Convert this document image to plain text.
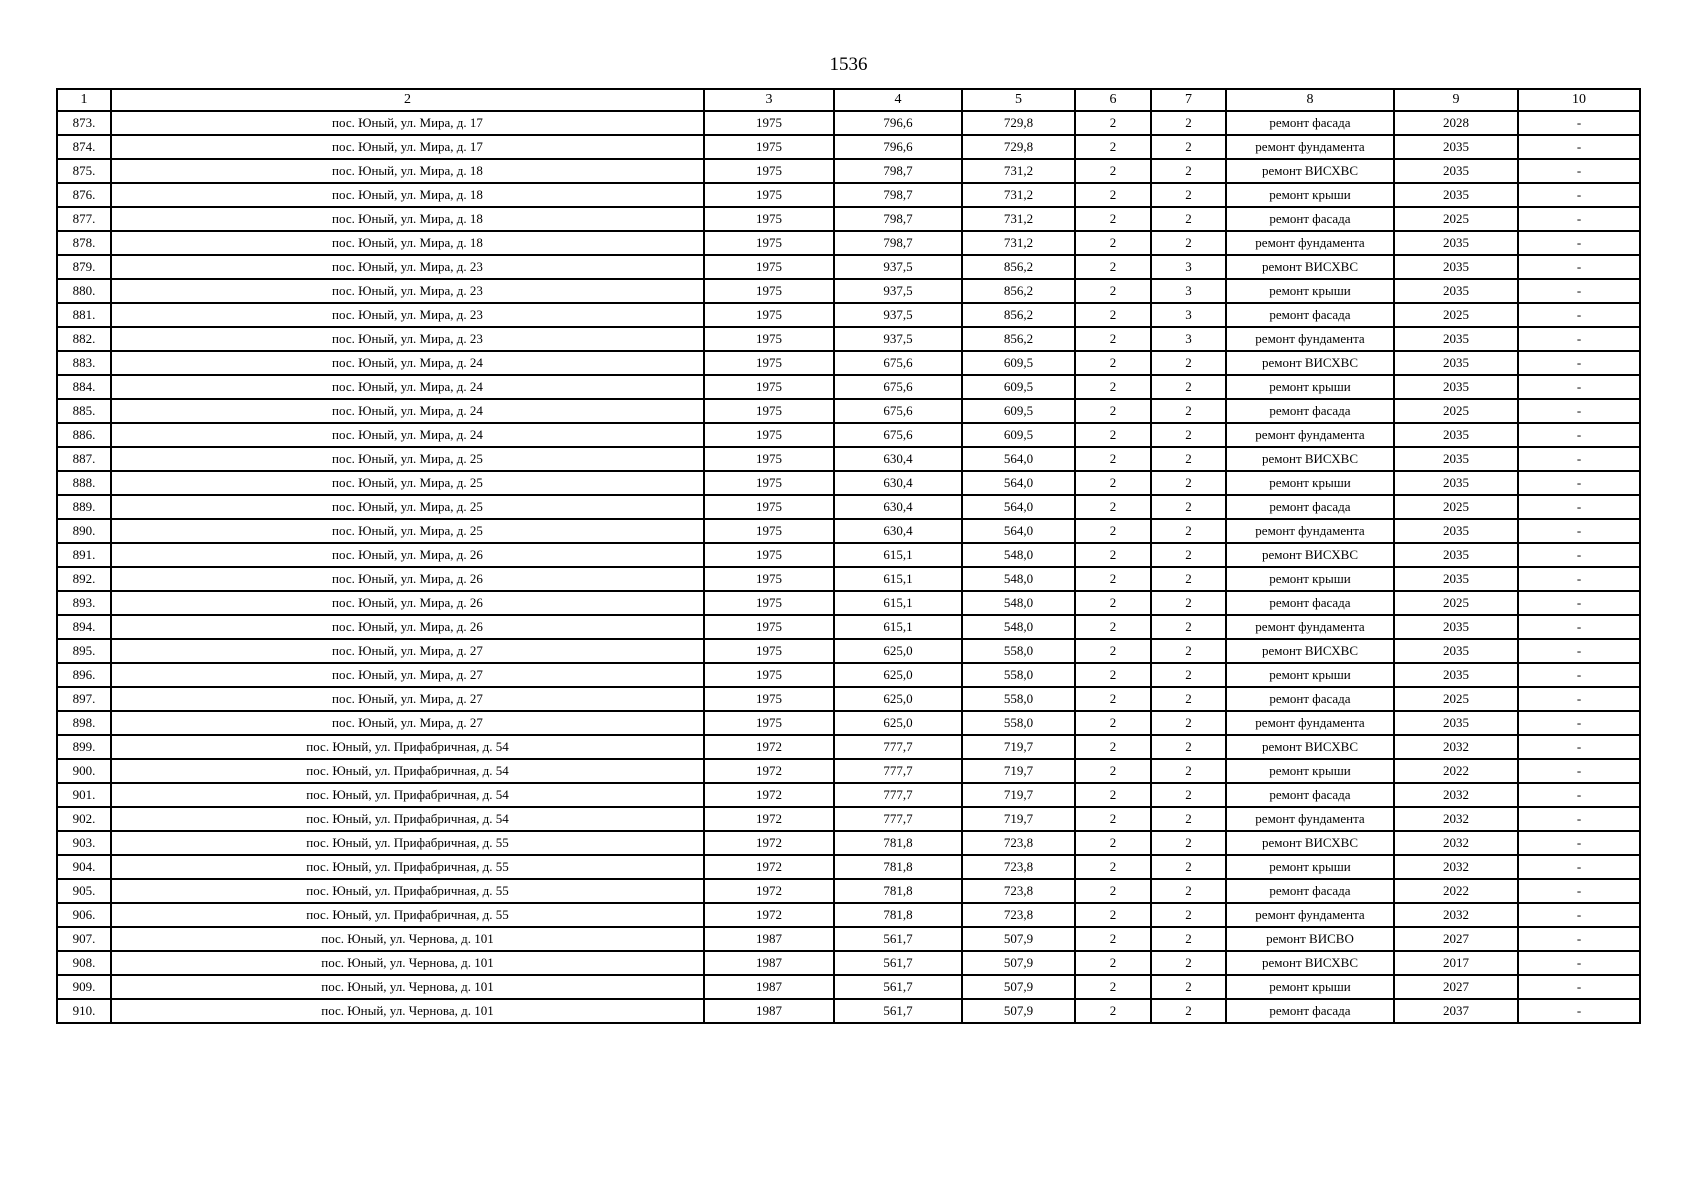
1536
1	2	3	4	5	6	7	8	9	10
873.	пос. Юный, ул. Мира, д. 17	1975	796,6	729,8	2	2	ремонт фасада	2028	-
874.	пос. Юный, ул. Мира, д. 17	1975	796,6	729,8	2	2	ремонт фундамента	2035	-
875.	пос. Юный, ул. Мира, д. 18	1975	798,7	731,2	2	2	ремонт ВИСХВС	2035	-
876.	пос. Юный, ул. Мира, д. 18	1975	798,7	731,2	2	2	ремонт крыши	2035	-
877.	пос. Юный, ул. Мира, д. 18	1975	798,7	731,2	2	2	ремонт фасада	2025	-
878.	пос. Юный, ул. Мира, д. 18	1975	798,7	731,2	2	2	ремонт фундамента	2035	-
879.	пос. Юный, ул. Мира, д. 23	1975	937,5	856,2	2	3	ремонт ВИСХВС	2035	-
880.	пос. Юный, ул. Мира, д. 23	1975	937,5	856,2	2	3	ремонт крыши	2035	-
881.	пос. Юный, ул. Мира, д. 23	1975	937,5	856,2	2	3	ремонт фасада	2025	-
882.	пос. Юный, ул. Мира, д. 23	1975	937,5	856,2	2	3	ремонт фундамента	2035	-
883.	пос. Юный, ул. Мира, д. 24	1975	675,6	609,5	2	2	ремонт ВИСХВС	2035	-
884.	пос. Юный, ул. Мира, д. 24	1975	675,6	609,5	2	2	ремонт крыши	2035	-
885.	пос. Юный, ул. Мира, д. 24	1975	675,6	609,5	2	2	ремонт фасада	2025	-
886.	пос. Юный, ул. Мира, д. 24	1975	675,6	609,5	2	2	ремонт фундамента	2035	-
887.	пос. Юный, ул. Мира, д. 25	1975	630,4	564,0	2	2	ремонт ВИСХВС	2035	-
888.	пос. Юный, ул. Мира, д. 25	1975	630,4	564,0	2	2	ремонт крыши	2035	-
889.	пос. Юный, ул. Мира, д. 25	1975	630,4	564,0	2	2	ремонт фасада	2025	-
890.	пос. Юный, ул. Мира, д. 25	1975	630,4	564,0	2	2	ремонт фундамента	2035	-
891.	пос. Юный, ул. Мира, д. 26	1975	615,1	548,0	2	2	ремонт ВИСХВС	2035	-
892.	пос. Юный, ул. Мира, д. 26	1975	615,1	548,0	2	2	ремонт крыши	2035	-
893.	пос. Юный, ул. Мира, д. 26	1975	615,1	548,0	2	2	ремонт фасада	2025	-
894.	пос. Юный, ул. Мира, д. 26	1975	615,1	548,0	2	2	ремонт фундамента	2035	-
895.	пос. Юный, ул. Мира, д. 27	1975	625,0	558,0	2	2	ремонт ВИСХВС	2035	-
896.	пос. Юный, ул. Мира, д. 27	1975	625,0	558,0	2	2	ремонт крыши	2035	-
897.	пос. Юный, ул. Мира, д. 27	1975	625,0	558,0	2	2	ремонт фасада	2025	-
898.	пос. Юный, ул. Мира, д. 27	1975	625,0	558,0	2	2	ремонт фундамента	2035	-
899.	пос. Юный, ул. Прифабричная, д. 54	1972	777,7	719,7	2	2	ремонт ВИСХВС	2032	-
900.	пос. Юный, ул. Прифабричная, д. 54	1972	777,7	719,7	2	2	ремонт крыши	2022	-
901.	пос. Юный, ул. Прифабричная, д. 54	1972	777,7	719,7	2	2	ремонт фасада	2032	-
902.	пос. Юный, ул. Прифабричная, д. 54	1972	777,7	719,7	2	2	ремонт фундамента	2032	-
903.	пос. Юный, ул. Прифабричная, д. 55	1972	781,8	723,8	2	2	ремонт ВИСХВС	2032	-
904.	пос. Юный, ул. Прифабричная, д. 55	1972	781,8	723,8	2	2	ремонт крыши	2032	-
905.	пос. Юный, ул. Прифабричная, д. 55	1972	781,8	723,8	2	2	ремонт фасада	2022	-
906.	пос. Юный, ул. Прифабричная, д. 55	1972	781,8	723,8	2	2	ремонт фундамента	2032	-
907.	пос. Юный, ул. Чернова, д. 101	1987	561,7	507,9	2	2	ремонт ВИСВО	2027	-
908.	пос. Юный, ул. Чернова, д. 101	1987	561,7	507,9	2	2	ремонт ВИСХВС	2017	-
909.	пос. Юный, ул. Чернова, д. 101	1987	561,7	507,9	2	2	ремонт крыши	2027	-
910.	пос. Юный, ул. Чернова, д. 101	1987	561,7	507,9	2	2	ремонт фасада	2037	-
